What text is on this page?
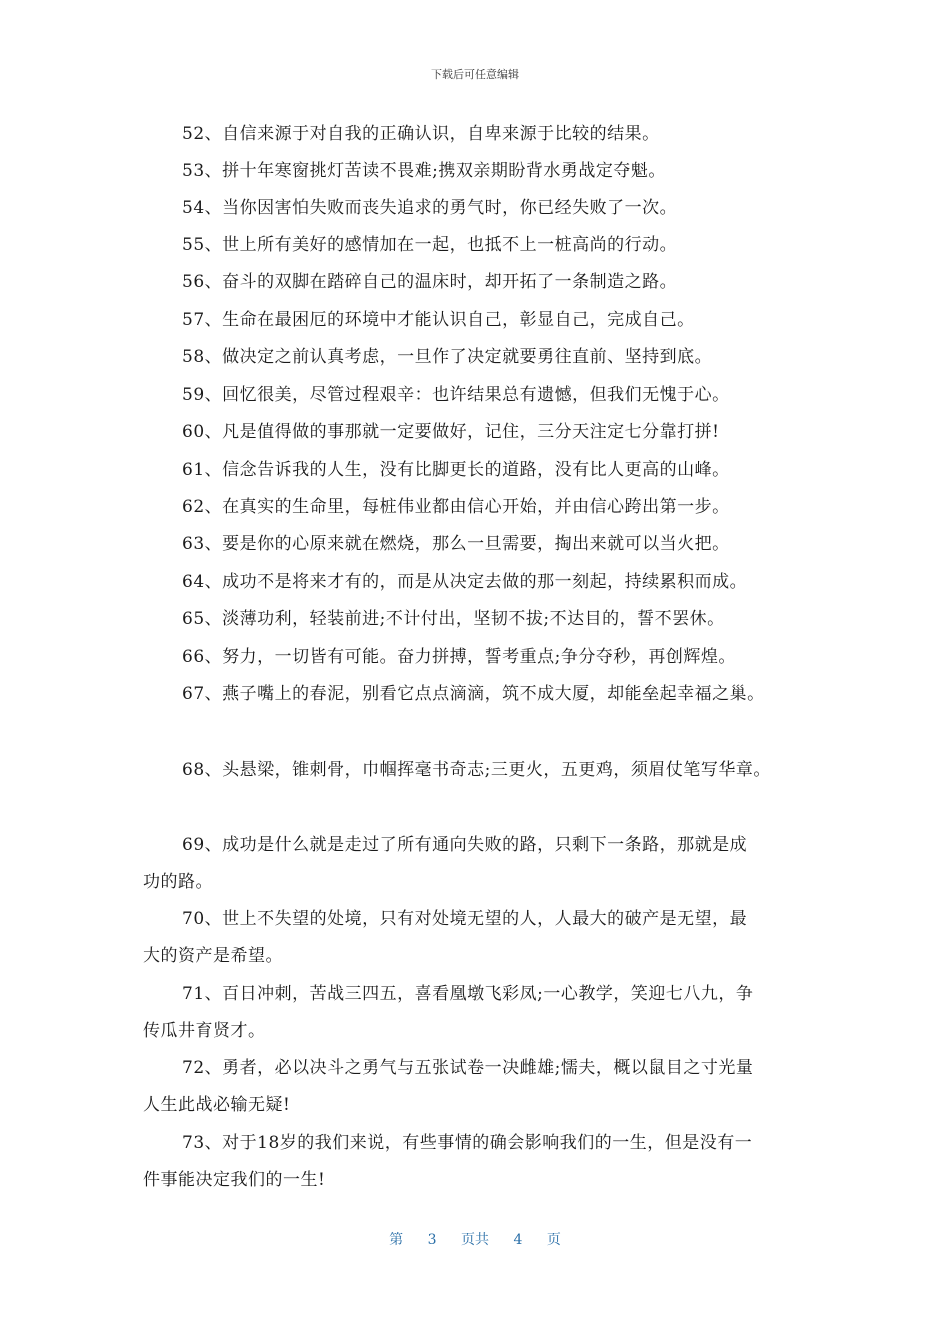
下载后可任意编辑
52、自信来源于对自我的正确认识，自卑来源于比较的结果。
53、拼十年寒窗挑灯苦读不畏难;携双亲期盼背水勇战定夺魁。
54、当你因害怕失败而丧失追求的勇气时，你已经失败了一次。
55、世上所有美好的感情加在一起，也抵不上一桩高尚的行动。
56、奋斗的双脚在踏碎自己的温床时，却开拓了一条制造之路。
57、生命在最困厄的环境中才能认识自己，彰显自己，完成自己。
58、做决定之前认真考虑，一旦作了决定就要勇往直前、坚持到底。
59、回忆很美，尽管过程艰辛：也许结果总有遗憾，但我们无愧于心。
60、凡是值得做的事那就一定要做好，记住，三分天注定七分靠打拼!
61、信念告诉我的人生，没有比脚更长的道路，没有比人更高的山峰。
62、在真实的生命里，每桩伟业都由信心开始，并由信心跨出第一步。
63、要是你的心原来就在燃烧，那么一旦需要，掏出来就可以当火把。
64、成功不是将来才有的，而是从决定去做的那一刻起，持续累积而成。
65、淡薄功利，轻装前进;不计付出，坚韧不拔;不达目的，誓不罢休。
66、努力，一切皆有可能。奋力拼搏，誓考重点;争分夺秒，再创辉煌。
67、燕子嘴上的春泥，别看它点点滴滴，筑不成大厦，却能垒起幸福之巢。
68、头悬梁，锥刺骨，巾帼挥毫书奇志;三更火，五更鸡，须眉仗笔写华章。
69、成功是什么就是走过了所有通向失败的路，只剩下一条路，那就是成
功的路。
70、世上不失望的处境，只有对处境无望的人，人最大的破产是无望，最
大的资产是希望。
71、百日冲刺，苦战三四五，喜看凰墩飞彩凤;一心教学，笑迎七八九，争
传瓜井育贤才。
72、勇者，必以决斗之勇气与五张试卷一决雌雄;懦夫，概以鼠目之寸光量
人生此战必输无疑!
73、对于18岁的我们来说，有些事情的确会影响我们的一生，但是没有一
件事能决定我们的一生!
第 3 页共 4 页
